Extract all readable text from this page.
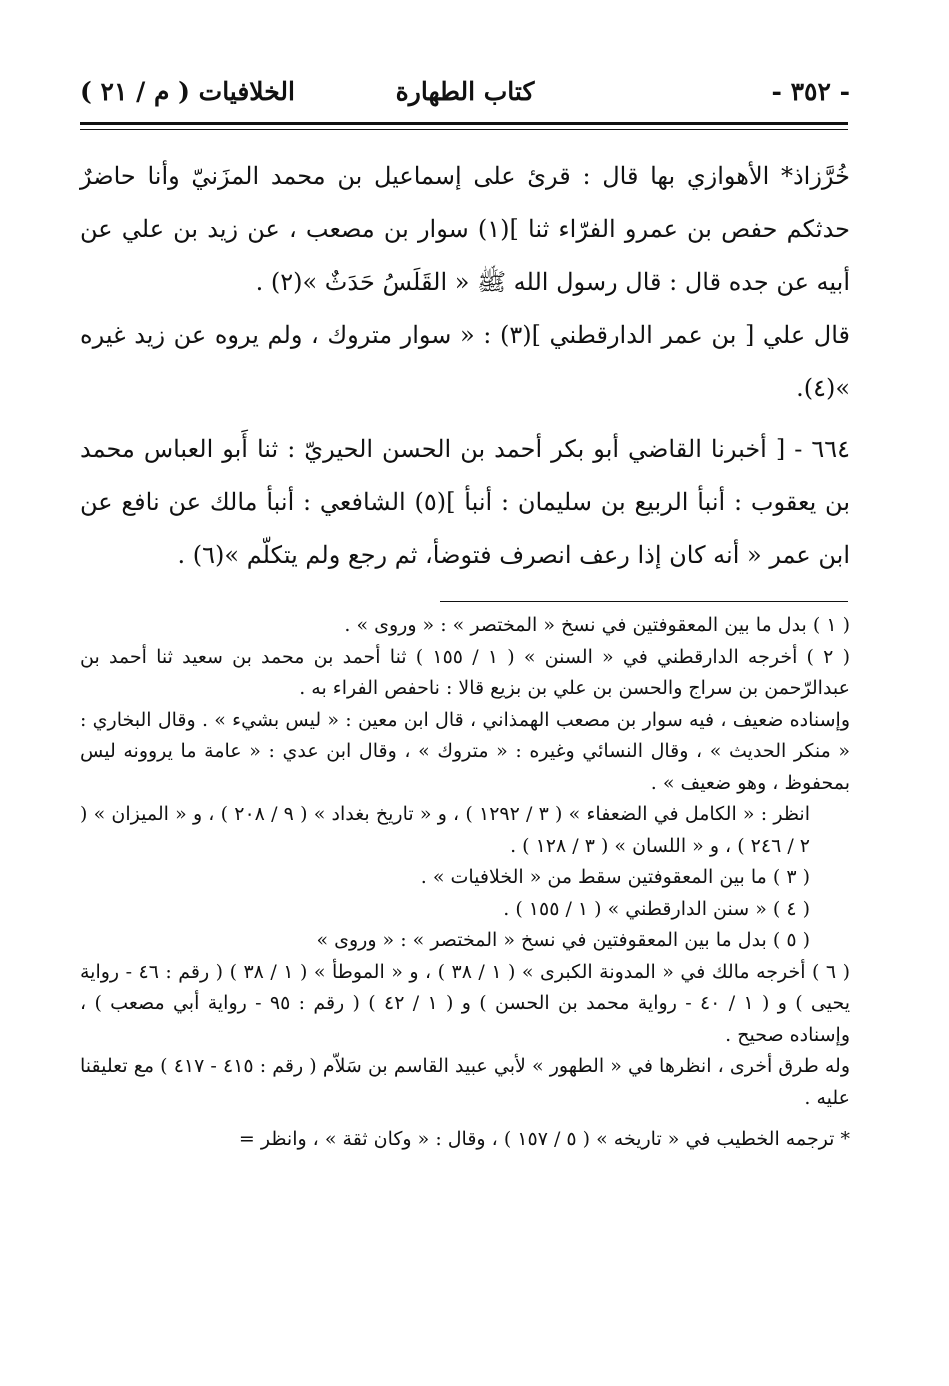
- ٣٥٢ -
كتاب الطهارة
الخلافيات ( م / ٢١ )

خُرَّزاذ* الأهوازي بها قال : قرئ على إسماعيل بن محمد المزَنيّ وأنا حاضرٌ حدثكم حفص بن عمرو الفرّاء ثنا ](١) سوار بن مصعب ، عن زيد بن علي عن أبيه عن جده قال : قال رسول الله ﷺ « القَلَسُ حَدَثٌ »(٢) .

قال علي [ بن عمر الدارقطني ](٣) : « سوار متروك ، ولم يروه عن زيد غيره »(٤).

٦٦٤ - [ أخبرنا القاضي أبو بكر أحمد بن الحسن الحيريّ : ثنا أَبو العباس محمد بن يعقوب : أنبأ الربيع بن سليمان : أنبأ ](٥) الشافعي : أنبأ مالك عن نافع عن ابن عمر « أنه كان إذا رعف انصرف فتوضأ، ثم رجع ولم يتكلّم »(٦) .

( ١ ) بدل ما بين المعقوفتين في نسخ « المختصر » : « وروى » .

( ٢ ) أخرجه الدارقطني في « السنن » ( ١ / ١٥٥ ) ثنا أحمد بن محمد بن سعيد ثنا أحمد بن عبدالرّحمن بن سراج والحسن بن علي بن بزيع قالا : ناحفص الفراء به .

وإسناده ضعيف ، فيه سوار بن مصعب الهمذاني ، قال ابن معين : « ليس بشيء » . وقال البخاري : « منكر الحديث » ، وقال النسائي وغيره : « متروك » ، وقال ابن عدي : « عامة ما يروونه ليس بمحفوظ ، وهو ضعيف » .

انظر : « الكامل في الضعفاء » ( ٣ / ١٢٩٢ ) ، و « تاريخ بغداد » ( ٩ / ٢٠٨ ) ، و « الميزان » ( ٢ / ٢٤٦ ) ، و « اللسان » ( ٣ / ١٢٨ ) .

( ٣ ) ما بين المعقوفتين سقط من « الخلافيات » .

( ٤ ) « سنن الدارقطني » ( ١ / ١٥٥ ) .

( ٥ ) بدل ما بين المعقوفتين في نسخ « المختصر » : « وروى »

( ٦ ) أخرجه مالك في « المدونة الكبرى » ( ١ / ٣٨ ) ، و « الموطأ » ( ١ / ٣٨ ) ( رقم : ٤٦ - رواية يحيى ) و ( ١ / ٤٠ - رواية محمد بن الحسن ) و ( ١ / ٤٢ ) ( رقم : ٩٥ - رواية أبي مصعب ) ، وإسناده صحيح .

وله طرق أخرى ، انظرها في « الطهور » لأبي عبيد القاسم بن سَلاّم ( رقم : ٤١٥ - ٤١٧ ) مع تعليقنا عليه .

* ترجمه الخطيب في « تاريخه » ( ٥ / ١٥٧ ) ، وقال : « وكان ثقة » ، وانظر =
